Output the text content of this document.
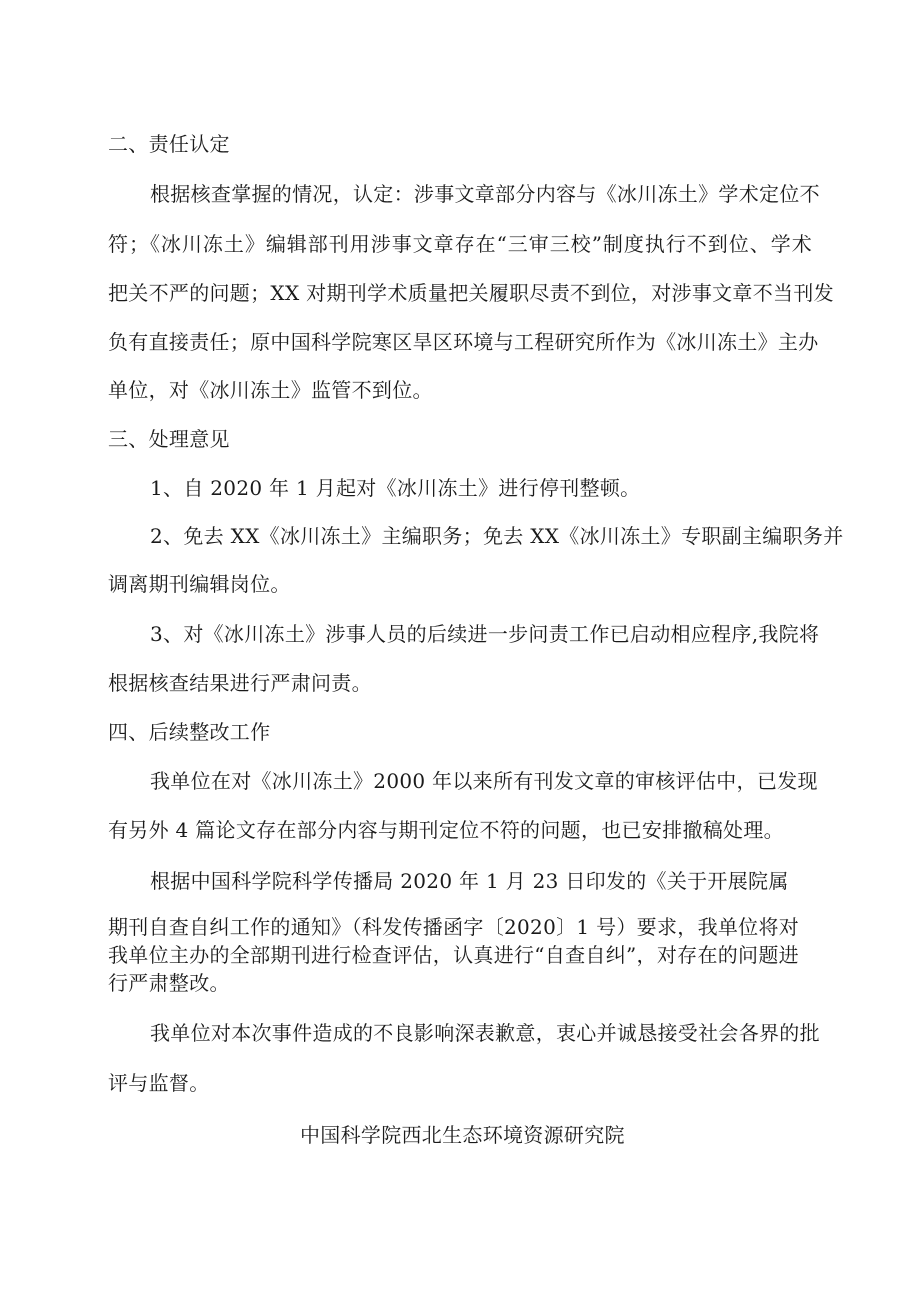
二、责任认定
根据核查掌握的情况，认定：涉事文章部分内容与《冰川冻土》学术定位不
符；《冰川冻土》编辑部刊用涉事文章存在“三审三校”制度执行不到位、学术
把关不严的问题；XX 对期刊学术质量把关履职尽责不到位，对涉事文章不当刊发
负有直接责任；原中国科学院寒区旱区环境与工程研究所作为《冰川冻土》主办
单位，对《冰川冻土》监管不到位。
三、处理意见
1、自 2020 年 1 月起对《冰川冻土》进行停刊整顿。
2、免去 XX《冰川冻土》主编职务；免去 XX《冰川冻土》专职副主编职务并
调离期刊编辑岗位。
3、对《冰川冻土》涉事人员的后续进一步问责工作已启动相应程序,我院将
根据核查结果进行严肃问责。
四、后续整改工作
我单位在对《冰川冻土》2000 年以来所有刊发文章的审核评估中，已发现
有另外 4 篇论文存在部分内容与期刊定位不符的问题，也已安排撤稿处理。
根据中国科学院科学传播局 2020 年 1 月 23 日印发的《关于开展院属
期刊自查自纠工作的通知》（科发传播函字〔2020〕1 号）要求，我单位将对
我单位主办的全部期刊进行检查评估，认真进行“自查自纠”，对存在的问题进
行严肃整改。
我单位对本次事件造成的不良影响深表歉意，衷心并诚恳接受社会各界的批
评与监督。
中国科学院西北生态环境资源研究院
